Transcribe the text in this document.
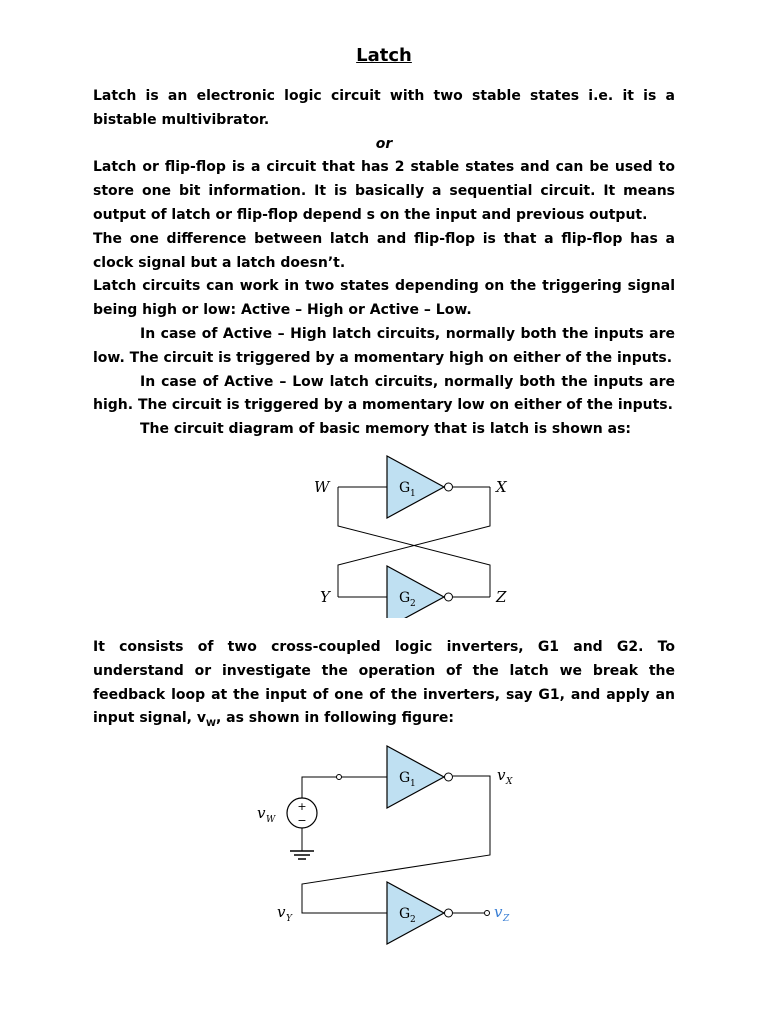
Latch

Latch is an electronic logic circuit with two stable states i.e. it is a bistable multivibrator.

or

Latch or flip-flop is a circuit that has 2 stable states and can be used to store one bit information. It is basically a sequential circuit. It means output of latch or flip-flop depend s on the input and previous output.

The one difference between latch and flip-flop is that a flip-flop has a clock signal but a latch doesn’t.

Latch circuits can work in two states depending on the triggering signal being high or low: Active – High or Active – Low.

In case of Active – High latch circuits, normally both the inputs are low. The circuit is triggered by a momentary high on either of the inputs.

In case of Active – Low latch circuits, normally both the inputs are high. The circuit is triggered by a momentary low on either of the inputs.

The circuit diagram of basic memory that is latch is shown as:

G 1
G 2
W	X
Y	Z

It consists of two cross-coupled logic inverters, G1 and G2. To understand or investigate the operation of the latch we break the feedback loop at the input of one of the inverters, say G1, and apply an input signal, $v_W$, as shown in following figure:

+
−
G 1
G 2
v W
v X
v Y	v Z
